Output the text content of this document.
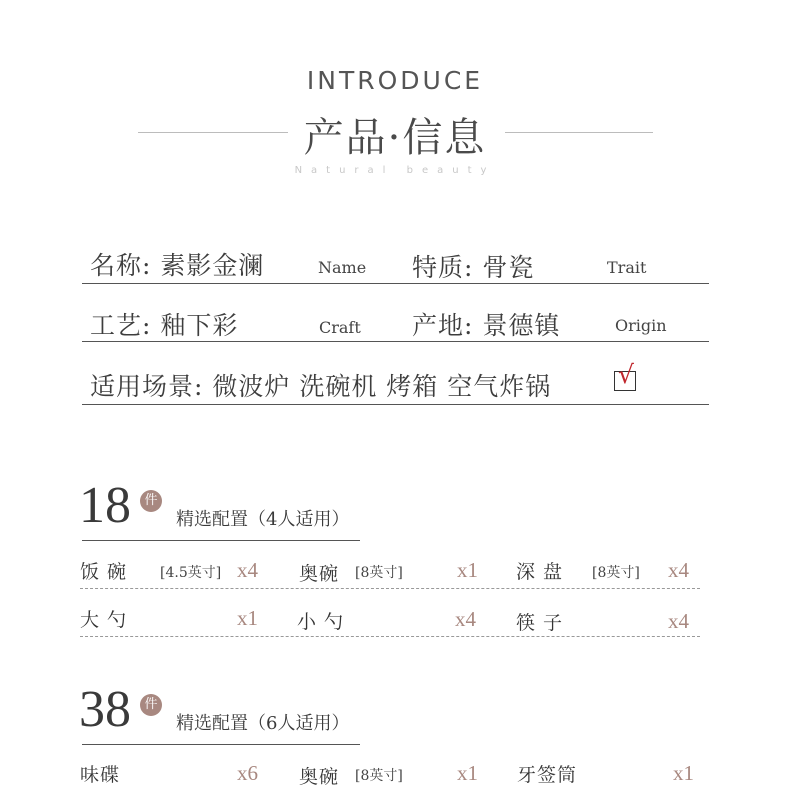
INTRODUCE
产品·信息
Natural beauty
名称: 素影金澜	Name 特质: 骨瓷	Trait
工艺: 釉下彩	Craft 产地: 景德镇	Origin
适用场景: 微波炉 洗碗机 烤箱 空气炸锅	√
18	件
精选配置（4人适用）
饭 碗 [4.5英寸] x4 奥碗 [8英寸]	x1 深 盘 [8英寸] x4
大 勺	x1 小 勺	x4 筷 子	x4
38	件
精选配置（6人适用）
味碟	x6 奥碗 [8英寸]	x1 牙签筒	x1
